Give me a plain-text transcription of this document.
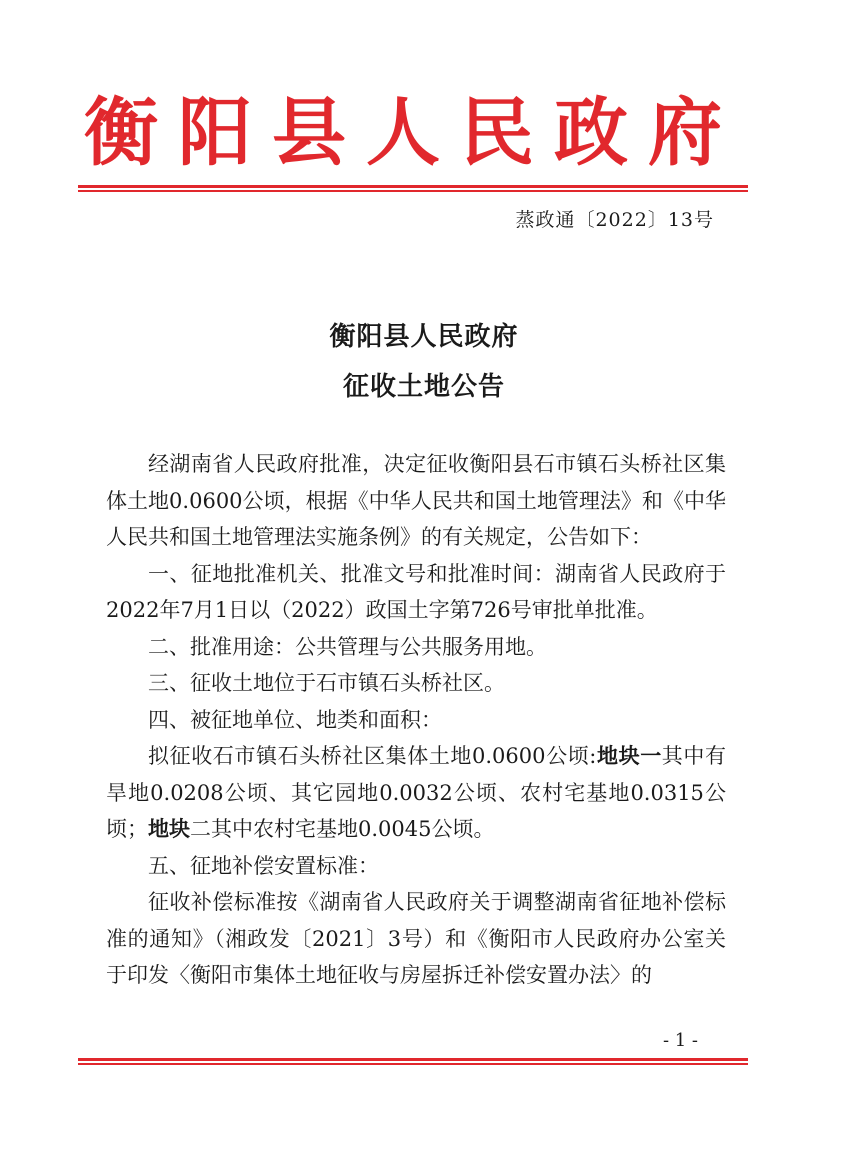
衡阳县人民政府
蒸政通〔2022〕13号
衡阳县人民政府
征收土地公告

经湖南省人民政府批准，决定征收衡阳县石市镇石头桥社区集体土地0.0600公顷，根据《中华人民共和国土地管理法》和《中华人民共和国土地管理法实施条例》的有关规定，公告如下：

一、征地批准机关、批准文号和批准时间：湖南省人民政府于2022年7月1日以（2022）政国土字第726号审批单批准。

二、批准用途：公共管理与公共服务用地。

三、征收土地位于石市镇石头桥社区。

四、被征地单位、地类和面积：

拟征收石市镇石头桥社区集体土地0.0600公顷:地块一其中有旱地0.0208公顷、其它园地0.0032公顷、农村宅基地0.0315公顷；地块二其中农村宅基地0.0045公顷。

五、征地补偿安置标准：

征收补偿标准按《湖南省人民政府关于调整湖南省征地补偿标准的通知》（湘政发〔2021〕3号）和《衡阳市人民政府办公室关于印发〈衡阳市集体土地征收与房屋拆迁补偿安置办法〉的

- 1 -
